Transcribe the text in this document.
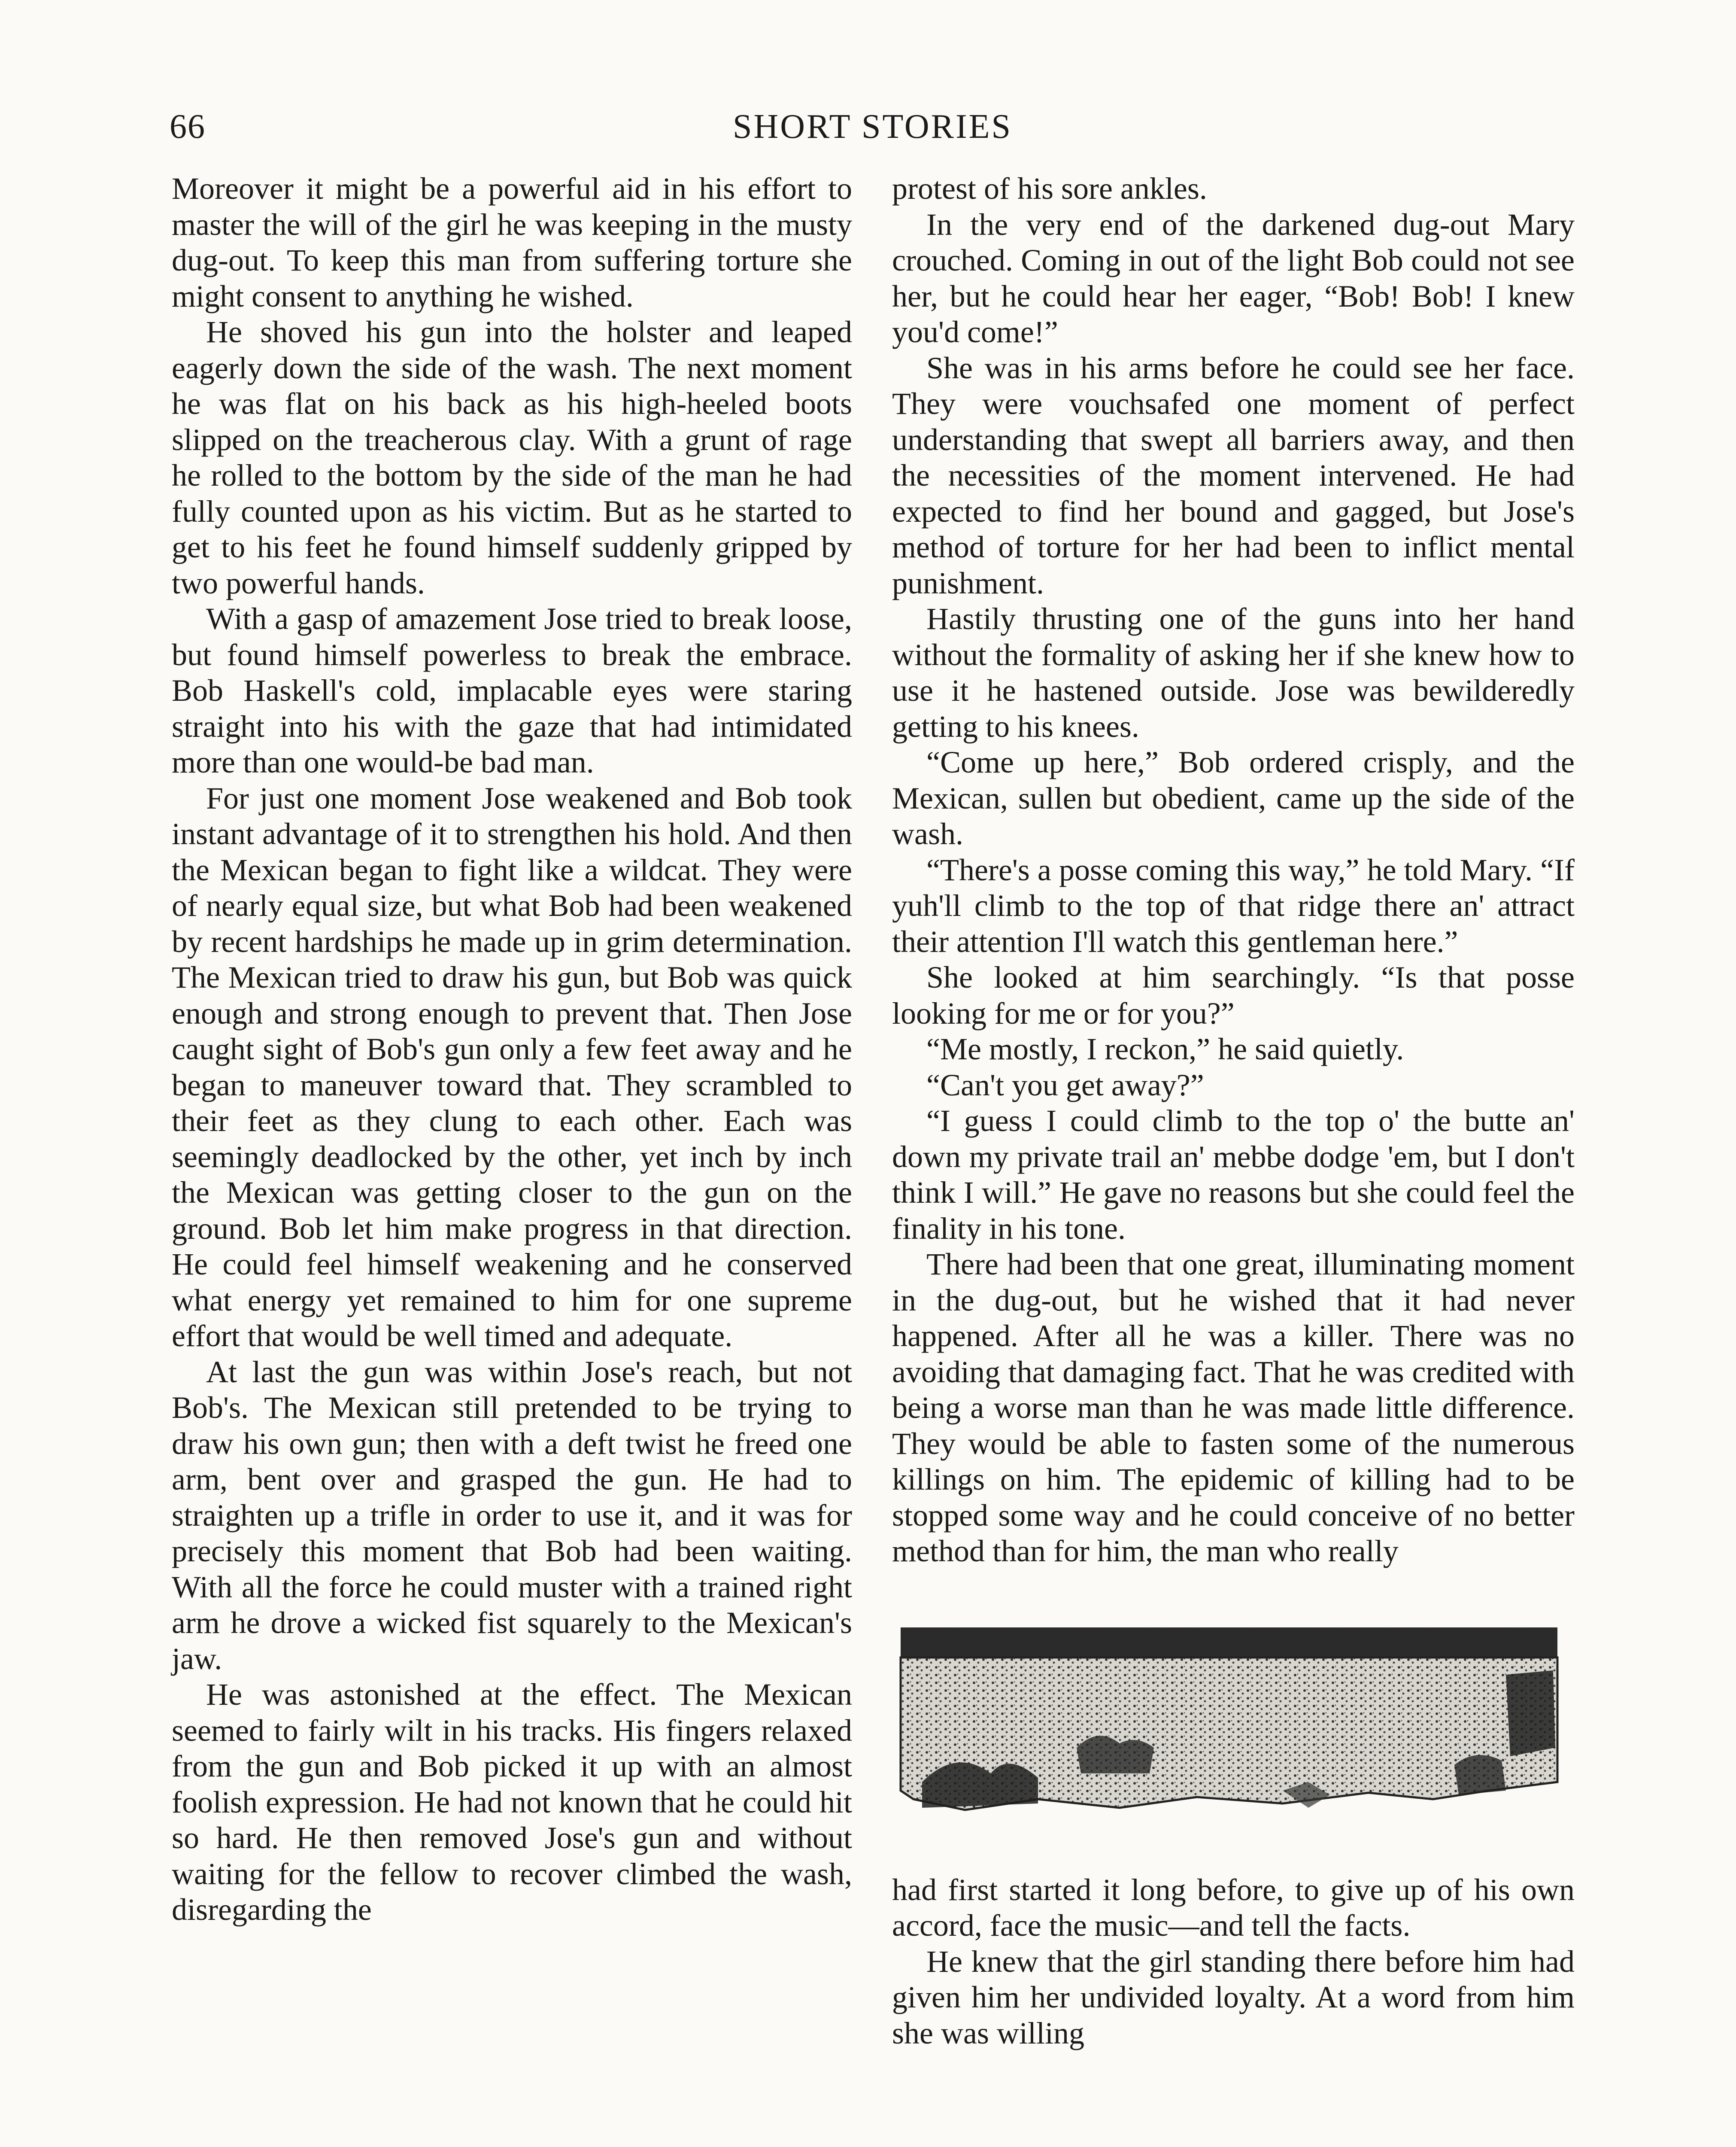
66	SHORT STORIES

Moreover it might be a powerful aid in his effort to master the will of the girl he was keeping in the musty dug-out. To keep this man from suffering torture she might consent to anything he wished.

He shoved his gun into the holster and leaped eagerly down the side of the wash. The next moment he was flat on his back as his high-heeled boots slipped on the treacherous clay. With a grunt of rage he rolled to the bottom by the side of the man he had fully counted upon as his victim. But as he started to get to his feet he found himself suddenly gripped by two powerful hands.

With a gasp of amazement Jose tried to break loose, but found himself powerless to break the embrace. Bob Haskell's cold, implacable eyes were staring straight into his with the gaze that had intimidated more than one would-be bad man.

For just one moment Jose weakened and Bob took instant advantage of it to strengthen his hold. And then the Mexican began to fight like a wildcat. They were of nearly equal size, but what Bob had been weakened by recent hardships he made up in grim determination. The Mexican tried to draw his gun, but Bob was quick enough and strong enough to prevent that. Then Jose caught sight of Bob's gun only a few feet away and he began to maneuver toward that. They scrambled to their feet as they clung to each other. Each was seemingly deadlocked by the other, yet inch by inch the Mexican was getting closer to the gun on the ground. Bob let him make progress in that direction. He could feel himself weakening and he conserved what energy yet remained to him for one supreme effort that would be well timed and adequate.

At last the gun was within Jose's reach, but not Bob's. The Mexican still pretended to be trying to draw his own gun; then with a deft twist he freed one arm, bent over and grasped the gun. He had to straighten up a trifle in order to use it, and it was for precisely this moment that Bob had been waiting. With all the force he could muster with a trained right arm he drove a wicked fist squarely to the Mexican's jaw.

He was astonished at the effect. The Mexican seemed to fairly wilt in his tracks. His fingers relaxed from the gun and Bob picked it up with an almost foolish expression. He had not known that he could hit so hard. He then removed Jose's gun and without waiting for the fellow to recover climbed the wash, disregarding the

protest of his sore ankles.

In the very end of the darkened dug-out Mary crouched. Coming in out of the light Bob could not see her, but he could hear her eager, “Bob! Bob! I knew you'd come!”

She was in his arms before he could see her face. They were vouchsafed one moment of perfect understanding that swept all barriers away, and then the necessities of the moment intervened. He had expected to find her bound and gagged, but Jose's method of torture for her had been to inflict mental punishment.

Hastily thrusting one of the guns into her hand without the formality of asking her if she knew how to use it he hastened outside. Jose was bewilderedly getting to his knees.

“Come up here,” Bob ordered crisply, and the Mexican, sullen but obedient, came up the side of the wash.

“There's a posse coming this way,” he told Mary. “If yuh'll climb to the top of that ridge there an' attract their attention I'll watch this gentleman here.”

She looked at him searchingly. “Is that posse looking for me or for you?”

“Me mostly, I reckon,” he said quietly.

“Can't you get away?”

“I guess I could climb to the top o' the butte an' down my private trail an' mebbe dodge 'em, but I don't think I will.” He gave no reasons but she could feel the finality in his tone.

There had been that one great, illuminating moment in the dug-out, but he wished that it had never happened. After all he was a killer. There was no avoiding that damaging fact. That he was credited with being a worse man than he was made little difference. They would be able to fasten some of the numerous killings on him. The epidemic of killing had to be stopped some way and he could conceive of no better method than for him, the man who really

had first started it long before, to give up of his own accord, face the music—and tell the facts.

He knew that the girl standing there before him had given him her undivided loyalty. At a word from him she was willing
